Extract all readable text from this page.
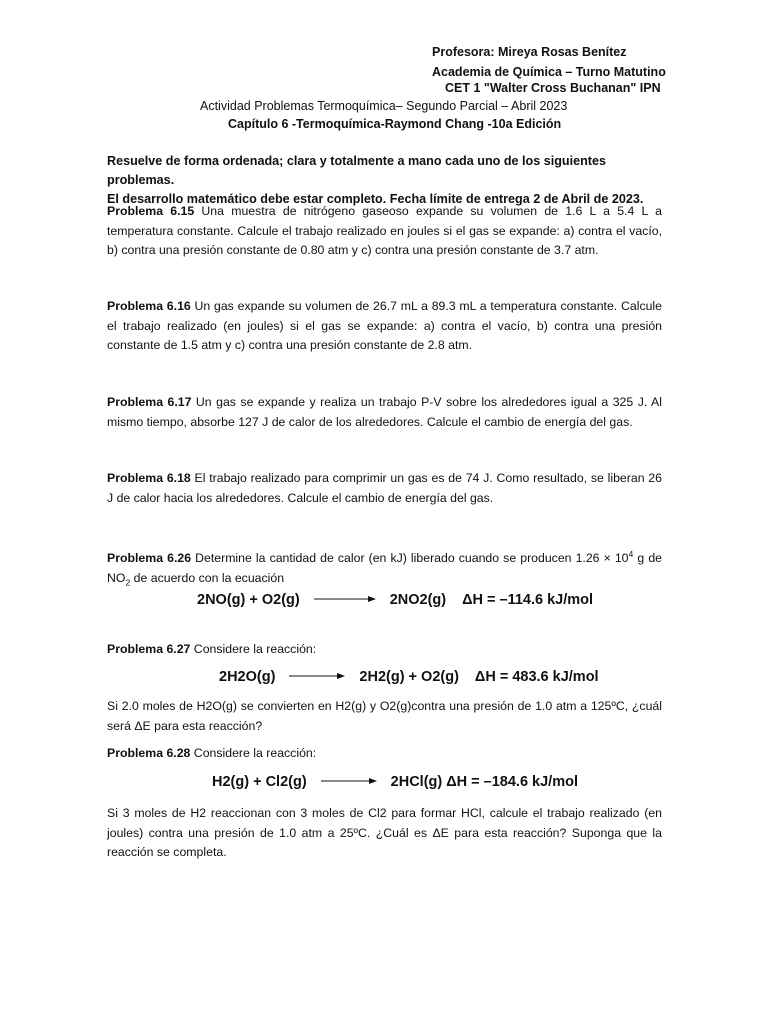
Profesora: Mireya Rosas Benítez
Academia de Química – Turno Matutino
CET 1 "Walter Cross Buchanan" IPN
Actividad Problemas Termoquímica– Segundo Parcial – Abril 2023
Capítulo 6 -Termoquímica-Raymond Chang -10a Edición
Resuelve de forma ordenada; clara y totalmente a mano cada uno de los siguientes problemas.
El desarrollo matemático debe estar completo. Fecha límite de entrega 2 de Abril de 2023.
Problema 6.15 Una muestra de nitrógeno gaseoso expande su volumen de 1.6 L a 5.4 L a temperatura constante. Calcule el trabajo realizado en joules si el gas se expande: a) contra el vacío, b) contra una presión constante de 0.80 atm y c) contra una presión constante de 3.7 atm.
Problema 6.16 Un gas expande su volumen de 26.7 mL a 89.3 mL a temperatura constante. Calcule el trabajo realizado (en joules) si el gas se expande: a) contra el vacío, b) contra una presión constante de 1.5 atm y c) contra una presión constante de 2.8 atm.
Problema 6.17 Un gas se expande y realiza un trabajo P-V sobre los alrededores igual a 325 J. Al mismo tiempo, absorbe 127 J de calor de los alrededores. Calcule el cambio de energía del gas.
Problema 6.18 El trabajo realizado para comprimir un gas es de 74 J. Como resultado, se liberan 26 J de calor hacia los alrededores. Calcule el cambio de energía del gas.
Problema 6.26 Determine la cantidad de calor (en kJ) liberado cuando se producen $1.26 \times 10^4$ g de $NO_2$ de acuerdo con la ecuación
2NO(g) + O2(g)	2NO2(g) ΔH = –114.6 kJ/mol
Problema 6.27 Considere la reacción:
2H2O(g) → 2H2(g) + O2(g) ΔH = 483.6 kJ/mol
Si 2.0 moles de H2O(g) se convierten en H2(g) y O2(g)contra una presión de 1.0 atm a 125ºC, ¿cuál será ΔE para esta reacción?
Problema 6.28 Considere la reacción:
H2(g) + Cl2(g) → 2HCl(g) ΔH = –184.6 kJ/mol
Si 3 moles de H2 reaccionan con 3 moles de Cl2 para formar HCl, calcule el trabajo realizado (en joules) contra una presión de 1.0 atm a 25ºC. ¿Cuál es ΔE para esta reacción? Suponga que la reacción se completa.
